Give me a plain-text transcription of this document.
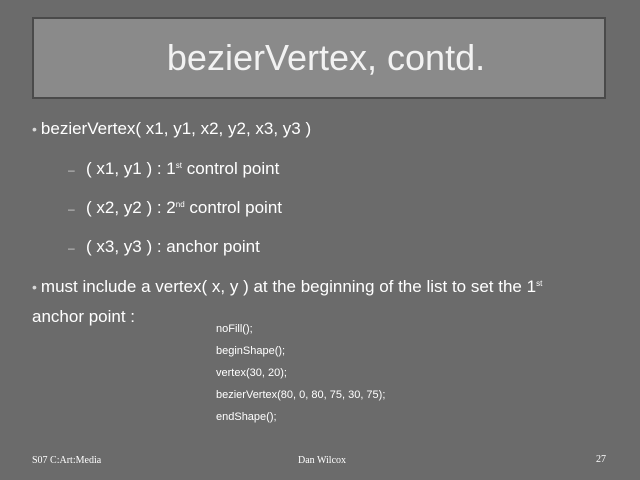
bezierVertex, contd.
• bezierVertex( x1, y1, x2, y2, x3, y3 )
– ( x1, y1 ) : 1st control point
– ( x2, y2 ) : 2nd control point
– ( x3, y3 ) : anchor point
• must include a vertex( x, y ) at the beginning of the list to set the 1st
anchor point :
noFill();
beginShape();
vertex(30, 20);
bezierVertex(80, 0, 80, 75, 30, 75);
endShape();
S07 C:Art:Media	Dan Wilcox	27
